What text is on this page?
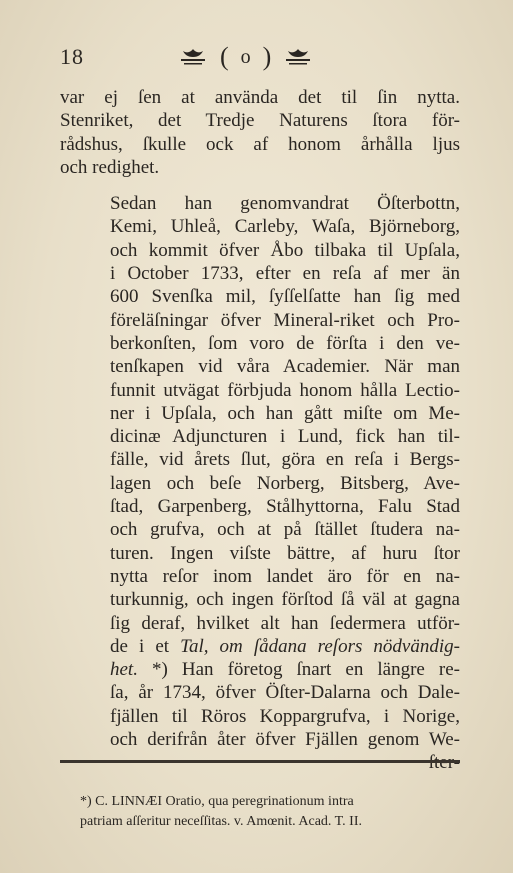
18	( o )

var ej ſen at använda det til ſin nytta.
Stenriket, det Tredje Naturens ſtora för-
rådshus, ſkulle ock af honom århålla ljus
och redighet.

Sedan han genomvandrat Öſterbottn,
Kemi, Uhleå, Carleby, Waſa, Björneborg,
och kommit öfver Åbo tilbaka til Upſala,
i October 1733, efter en reſa af mer än
600 Svenſka mil, ſyſſelſatte han ſig med
föreläſningar öfver Mineral-riket och Pro-
berkonſten, ſom voro de förſta i den ve-
tenſkapen vid våra Academier. När man
funnit utvägat förbjuda honom hålla Lectio-
ner i Upſala, och han gått miſte om Me-
dicinæ Adjuncturen i Lund, fick han til-
fälle, vid årets ſlut, göra en reſa i Bergs-
lagen och beſe Norberg, Bitsberg, Ave-
ſtad, Garpenberg, Stålhyttorna, Falu Stad
och grufva, och at på ſtället ſtudera na-
turen. Ingen viſste bättre, af huru ſtor
nytta reſor inom landet äro för en na-
turkunnig, och ingen förſtod ſå väl at gagna
ſig deraf, hvilket alt han ſedermera utför-
de i et Tal, om ſådana reſors nödvändig-
het. *) Han företog ſnart en längre re-
ſa, år 1734, öfver Öſter-Dalarna och Dale-
fjällen til Röros Koppargrufva, i Norige,
och derifrån åter öfver Fjällen genom We-

*) C. LINNÆI Oratio, qua peregrinationum intra
patriam aſſeritur neceſſitas. v. Amœnit. Acad. T. II.
